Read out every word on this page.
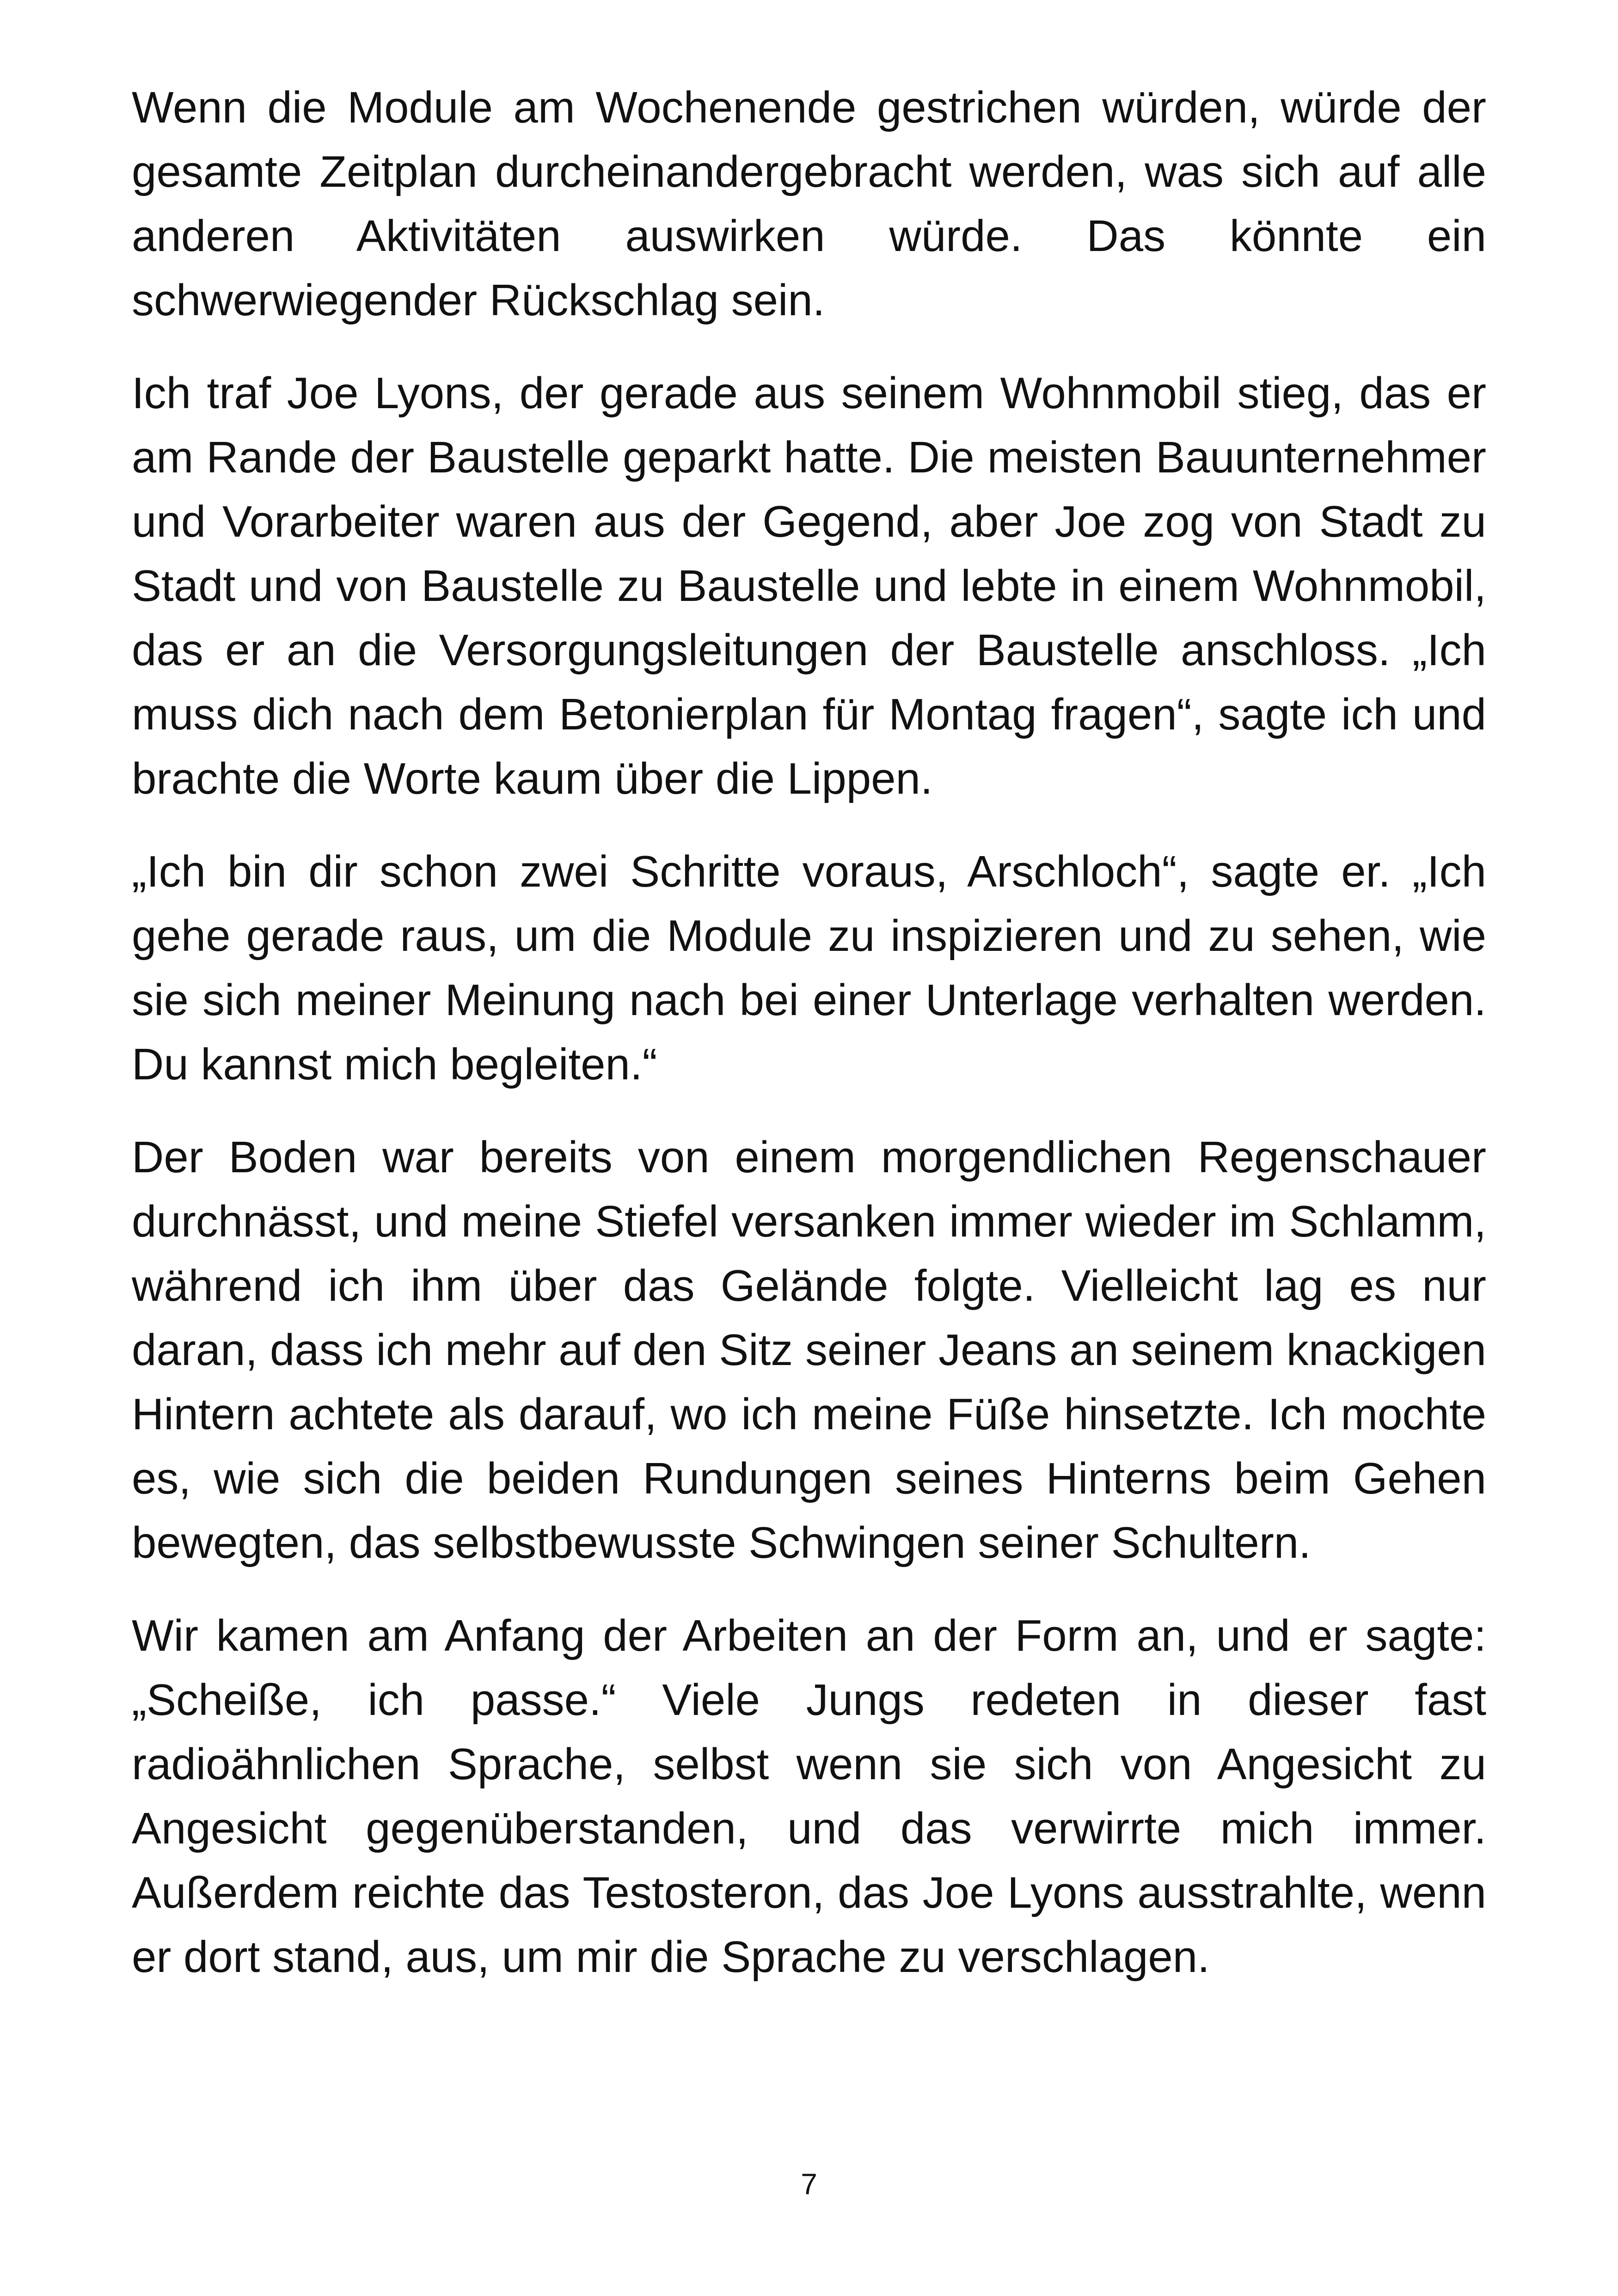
Wenn die Module am Wochenende gestrichen würden, würde der gesamte Zeitplan durcheinandergebracht werden, was sich auf alle anderen Aktivitäten auswirken würde. Das könnte ein schwerwiegender Rückschlag sein.

Ich traf Joe Lyons, der gerade aus seinem Wohnmobil stieg, das er am Rande der Baustelle geparkt hatte. Die meisten Bauunternehmer und Vorarbeiter waren aus der Gegend, aber Joe zog von Stadt zu Stadt und von Baustelle zu Baustelle und lebte in einem Wohnmobil, das er an die Versorgungsleitungen der Baustelle anschloss. „Ich muss dich nach dem Betonierplan für Montag fragen“, sagte ich und brachte die Worte kaum über die Lippen.

„Ich bin dir schon zwei Schritte voraus, Arschloch“, sagte er. „Ich gehe gerade raus, um die Module zu inspizieren und zu sehen, wie sie sich meiner Meinung nach bei einer Unterlage verhalten werden. Du kannst mich begleiten.“

Der Boden war bereits von einem morgendlichen Regenschauer durchnässt, und meine Stiefel versanken immer wieder im Schlamm, während ich ihm über das Gelände folgte. Vielleicht lag es nur daran, dass ich mehr auf den Sitz seiner Jeans an seinem knackigen Hintern achtete als darauf, wo ich meine Füße hinsetzte. Ich mochte es, wie sich die beiden Rundungen seines Hinterns beim Gehen bewegten, das selbstbewusste Schwingen seiner Schultern.

Wir kamen am Anfang der Arbeiten an der Form an, und er sagte: „Scheiße, ich passe.“ Viele Jungs redeten in dieser fast radioähnlichen Sprache, selbst wenn sie sich von Angesicht zu Angesicht gegenüberstanden, und das verwirrte mich immer. Außerdem reichte das Testosteron, das Joe Lyons ausstrahlte, wenn er dort stand, aus, um mir die Sprache zu verschlagen.

7
